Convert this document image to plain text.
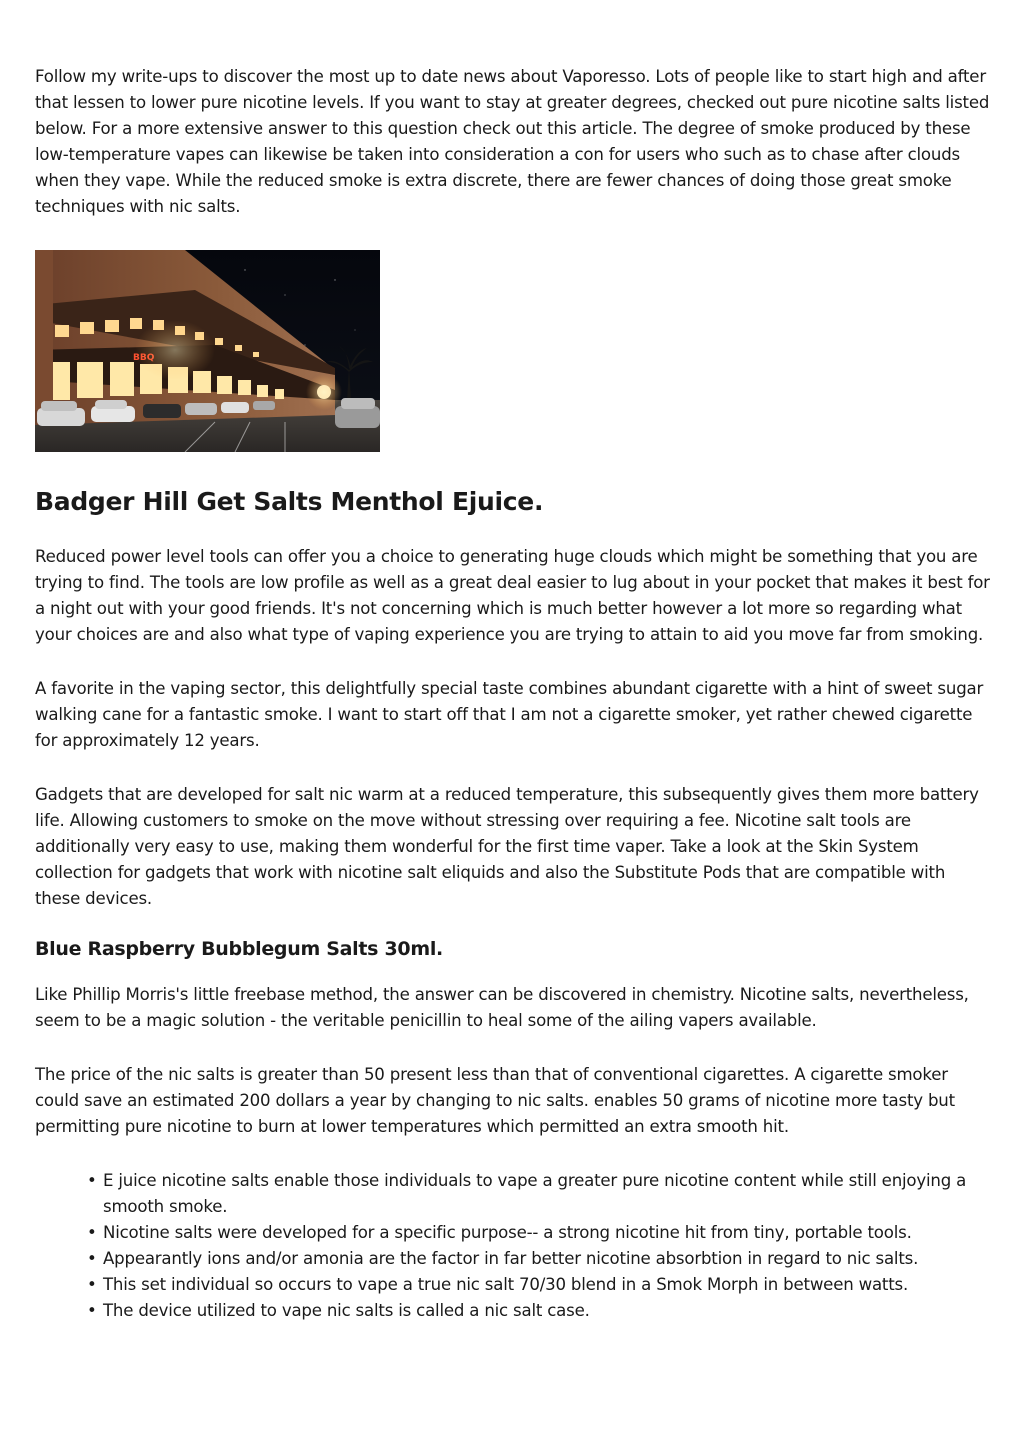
Follow my write-ups to discover the most up to date news about Vaporesso. Lots of people like to start high and after that lessen to lower pure nicotine levels. If you want to stay at greater degrees, checked out pure nicotine salts listed below. For a more extensive answer to this question check out this article. The degree of smoke produced by these low-temperature vapes can likewise be taken into consideration a con for users who such as to chase after clouds when they vape. While the reduced smoke is extra discrete, there are fewer chances of doing those great smoke techniques with nic salts.

BBQ
Badger Hill Get Salts Menthol Ejuice.

Reduced power level tools can offer you a choice to generating huge clouds which might be something that you are trying to find. The tools are low profile as well as a great deal easier to lug about in your pocket that makes it best for a night out with your good friends. It's not concerning which is much better however a lot more so regarding what your choices are and also what type of vaping experience you are trying to attain to aid you move far from smoking.

A favorite in the vaping sector, this delightfully special taste combines abundant cigarette with a hint of sweet sugar walking cane for a fantastic smoke. I want to start off that I am not a cigarette smoker, yet rather chewed cigarette for approximately 12 years.

Gadgets that are developed for salt nic warm at a reduced temperature, this subsequently gives them more battery life. Allowing customers to smoke on the move without stressing over requiring a fee. Nicotine salt tools are additionally very easy to use, making them wonderful for the first time vaper. Take a look at the Skin System collection for gadgets that work with nicotine salt eliquids and also the Substitute Pods that are compatible with these devices.

Blue Raspberry Bubblegum Salts 30ml.

Like Phillip Morris's little freebase method, the answer can be discovered in chemistry. Nicotine salts, nevertheless, seem to be a magic solution - the veritable penicillin to heal some of the ailing vapers available.

The price of the nic salts is greater than 50 present less than that of conventional cigarettes. A cigarette smoker could save an estimated 200 dollars a year by changing to nic salts. enables 50 grams of nicotine more tasty but permitting pure nicotine to burn at lower temperatures which permitted an extra smooth hit.

• E juice nicotine salts enable those individuals to vape a greater pure nicotine content while still enjoying a smooth smoke.
• Nicotine salts were developed for a specific purpose-- a strong nicotine hit from tiny, portable tools.
• Appearantly ions and/or amonia are the factor in far better nicotine absorbtion in regard to nic salts.
• This set individual so occurs to vape a true nic salt 70/30 blend in a Smok Morph in between watts.
• The device utilized to vape nic salts is called a nic salt case.
